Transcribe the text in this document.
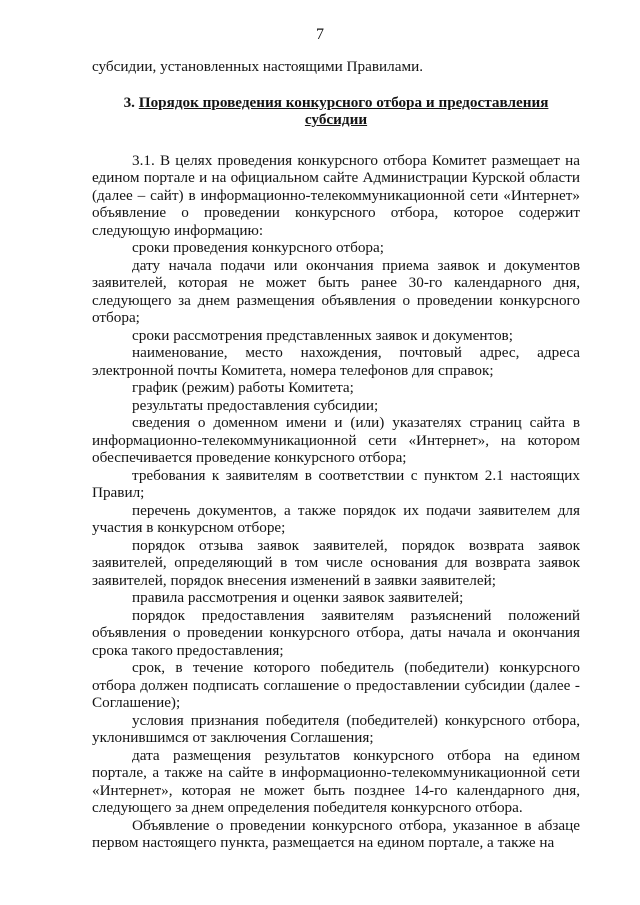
7

субсидии, установленных настоящими Правилами.

3. Порядок проведения конкурсного отбора и предоставления субсидии

3.1. В целях проведения конкурсного отбора Комитет размещает на едином портале и на официальном сайте Администрации Курской области (далее – сайт) в информационно-телекоммуникационной сети «Интернет» объявление о проведении конкурсного отбора, которое содержит следующую информацию:

сроки проведения конкурсного отбора;

дату начала подачи или окончания приема заявок и документов заявителей, которая не может быть ранее 30-го календарного дня, следующего за днем размещения объявления о проведении конкурсного отбора;

сроки рассмотрения представленных заявок и документов;

наименование, место нахождения, почтовый адрес, адреса электронной почты Комитета, номера телефонов для справок;

график (режим) работы Комитета;

результаты предоставления субсидии;

сведения о доменном имени и (или) указателях страниц сайта в информационно-телекоммуникационной сети «Интернет», на котором обеспечивается проведение конкурсного отбора;

требования к заявителям в соответствии с пунктом 2.1 настоящих Правил;

перечень документов, а также порядок их подачи заявителем для участия в конкурсном отборе;

порядок отзыва заявок заявителей, порядок возврата заявок заявителей, определяющий в том числе основания для возврата заявок заявителей, порядок внесения изменений в заявки заявителей;

правила рассмотрения и оценки заявок заявителей;

порядок предоставления заявителям разъяснений положений объявления о проведении конкурсного отбора, даты начала и окончания срока такого предоставления;

срок, в течение которого победитель (победители) конкурсного отбора должен подписать соглашение о предоставлении субсидии (далее - Соглашение);

условия признания победителя (победителей) конкурсного отбора, уклонившимся от заключения Соглашения;

дата размещения результатов конкурсного отбора на едином портале, а также на сайте в информационно-телекоммуникационной сети «Интернет», которая не может быть позднее 14-го календарного дня, следующего за днем определения победителя конкурсного отбора.

Объявление о проведении конкурсного отбора, указанное в абзаце первом настоящего пункта, размещается на едином портале, а также на
